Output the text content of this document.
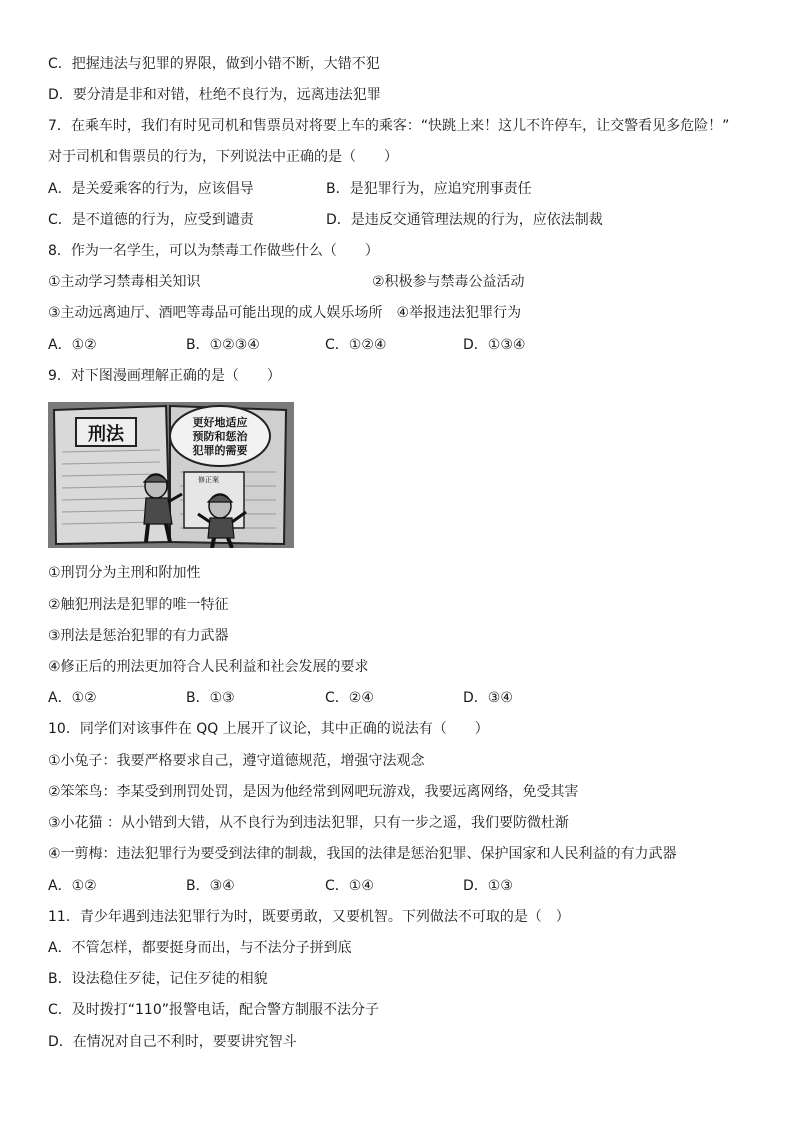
C．把握违法与犯罪的界限，做到小错不断，大错不犯
D．要分清是非和对错，杜绝不良行为，远离违法犯罪
7．在乘车时，我们有时见司机和售票员对将要上车的乘客：“快跳上来！这儿不许停车，让交警看见多危险！”
对于司机和售票员的行为，下列说法中正确的是（　　）
A．是关爱乘客的行为，应该倡导	B．是犯罪行为，应追究刑事责任
C．是不道德的行为，应受到谴责	D．是违反交通管理法规的行为，应依法制裁
8．作为一名学生，可以为禁毒工作做些什么（　　）
①主动学习禁毒相关知识	②积极参与禁毒公益活动
③主动远离迪厅、酒吧等毒品可能出现的成人娱乐场所　④举报违法犯罪行为
A．①②	B．①②③④	C．①②④	D．①③④
9．对下图漫画理解正确的是（　　）
刑法
更好地适应
预防和惩治
犯罪的需要
修正案
①刑罚分为主刑和附加性
②触犯刑法是犯罪的唯一特征
③刑法是惩治犯罪的有力武器
④修正后的刑法更加符合人民利益和社会发展的要求
A．①②	B．①③	C．②④	D．③④
10．同学们对该事件在 QQ 上展开了议论，其中正确的说法有（　　）
①小兔子：我要严格要求自己，遵守道德规范，增强守法观念
②笨笨鸟：李某受到刑罚处罚，是因为他经常到网吧玩游戏，我要远离网络，免受其害
③小花猫 ：从小错到大错，从不良行为到违法犯罪，只有一步之遥，我们要防微杜渐
④一剪梅：违法犯罪行为要受到法律的制裁，我国的法律是惩治犯罪、保护国家和人民利益的有力武器
A．①②	B．③④	C．①④	D．①③
11．青少年遇到违法犯罪行为时，既要勇敢，又要机智。下列做法不可取的是（　）
A．不管怎样，都要挺身而出，与不法分子拼到底
B．设法稳住歹徒，记住歹徒的相貌
C．及时拨打“110”报警电话，配合警方制服不法分子
D．在情况对自己不利时，要要讲究智斗
